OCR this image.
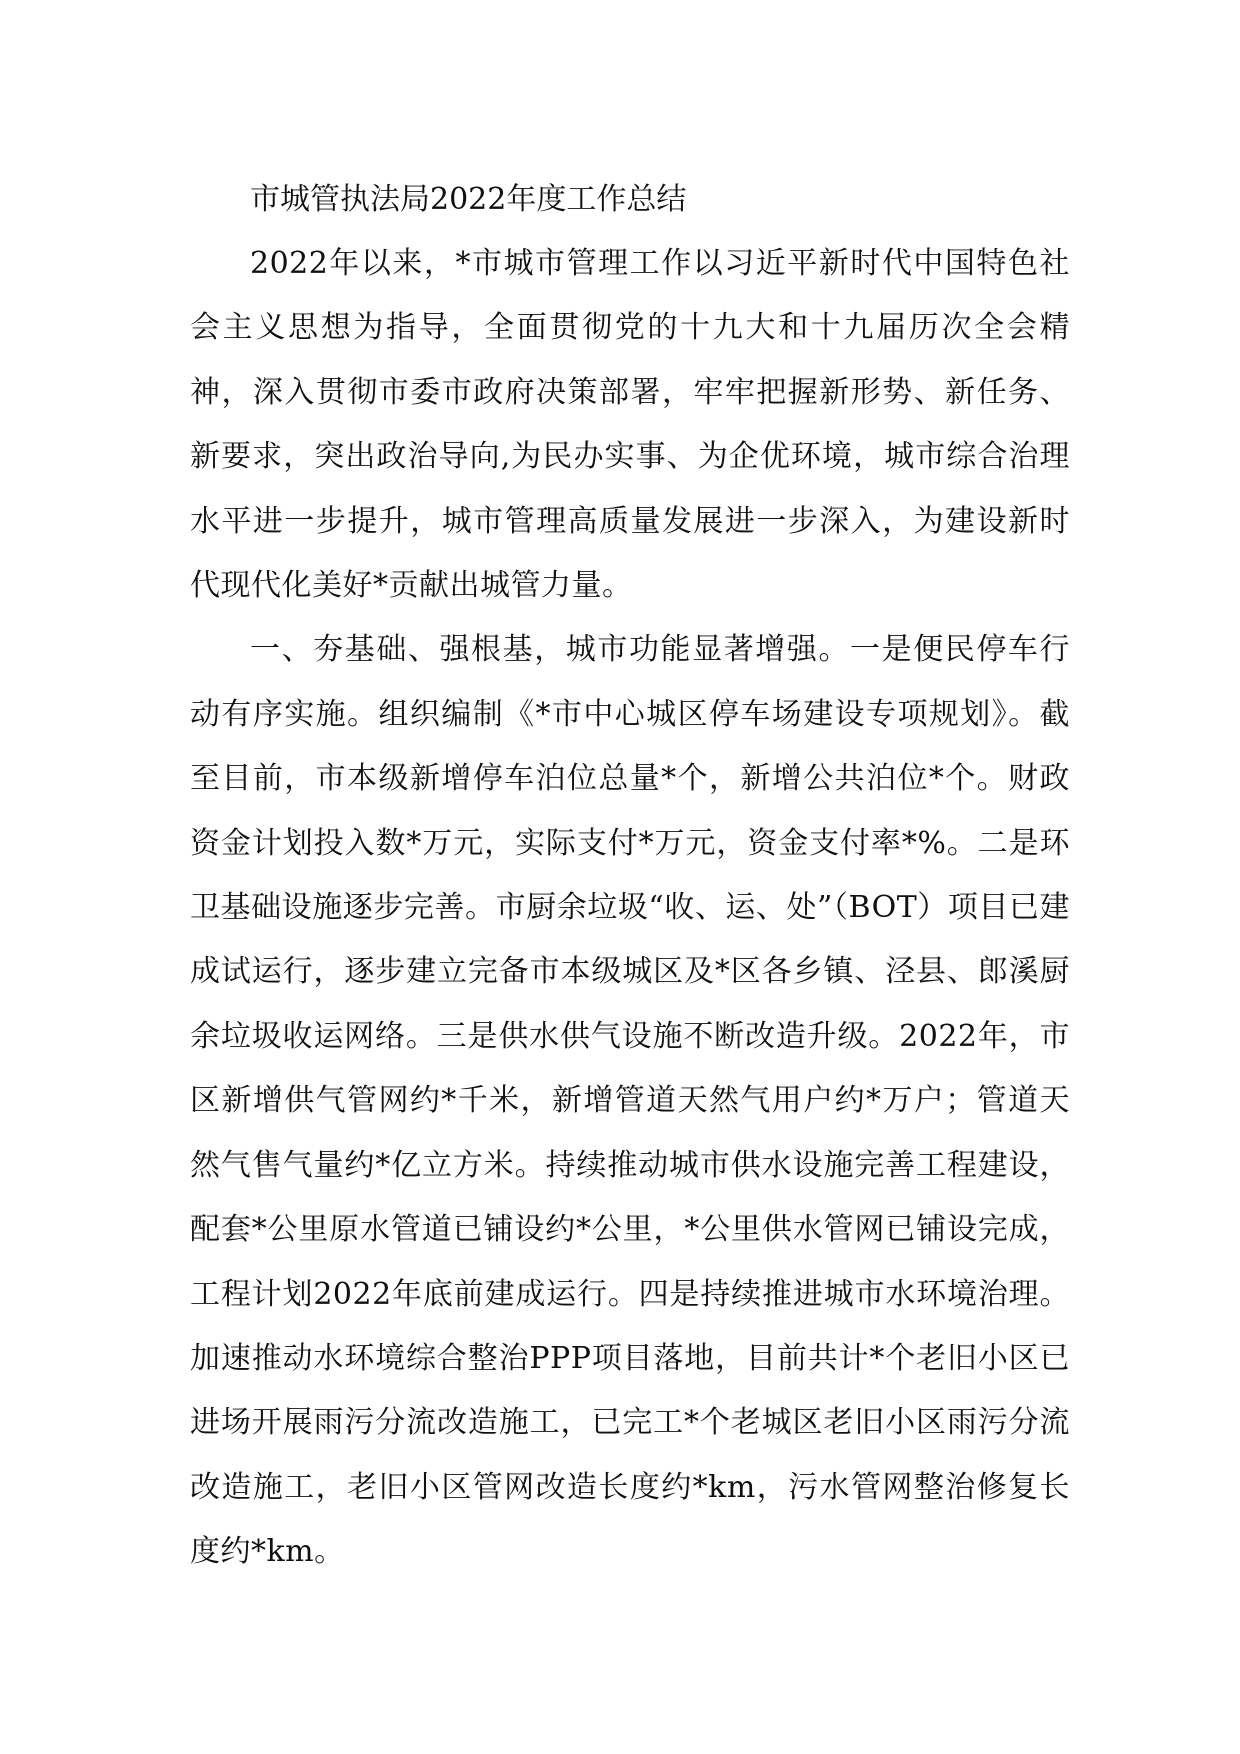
市城管执法局2022年度工作总结

2022年以来，*市城市管理工作以习近平新时代中国特色社会主义思想为指导，全面贯彻党的十九大和十九届历次全会精神，深入贯彻市委市政府决策部署，牢牢把握新形势、新任务、新要求，突出政治导向,为民办实事、为企优环境，城市综合治理水平进一步提升，城市管理高质量发展进一步深入，为建设新时代现代化美好*贡献出城管力量。

一、夯基础、强根基，城市功能显著增强。一是便民停车行动有序实施。组织编制《*市中心城区停车场建设专项规划》。截至目前，市本级新增停车泊位总量*个，新增公共泊位*个。财政资金计划投入数*万元，实际支付*万元，资金支付率*%。二是环卫基础设施逐步完善。市厨余垃圾“收、运、处”（BOT）项目已建成试运行，逐步建立完备市本级城区及*区各乡镇、泾县、郎溪厨余垃圾收运网络。三是供水供气设施不断改造升级。2022年，市区新增供气管网约*千米，新增管道天然气用户约*万户；管道天然气售气量约*亿立方米。持续推动城市供水设施完善工程建设，配套*公里原水管道已铺设约*公里，*公里供水管网已铺设完成，工程计划2022年底前建成运行。四是持续推进城市水环境治理。加速推动水环境综合整治PPP项目落地，目前共计*个老旧小区已进场开展雨污分流改造施工，已完工*个老城区老旧小区雨污分流改造施工，老旧小区管网改造长度约*km，污水管网整治修复长度约*km。
